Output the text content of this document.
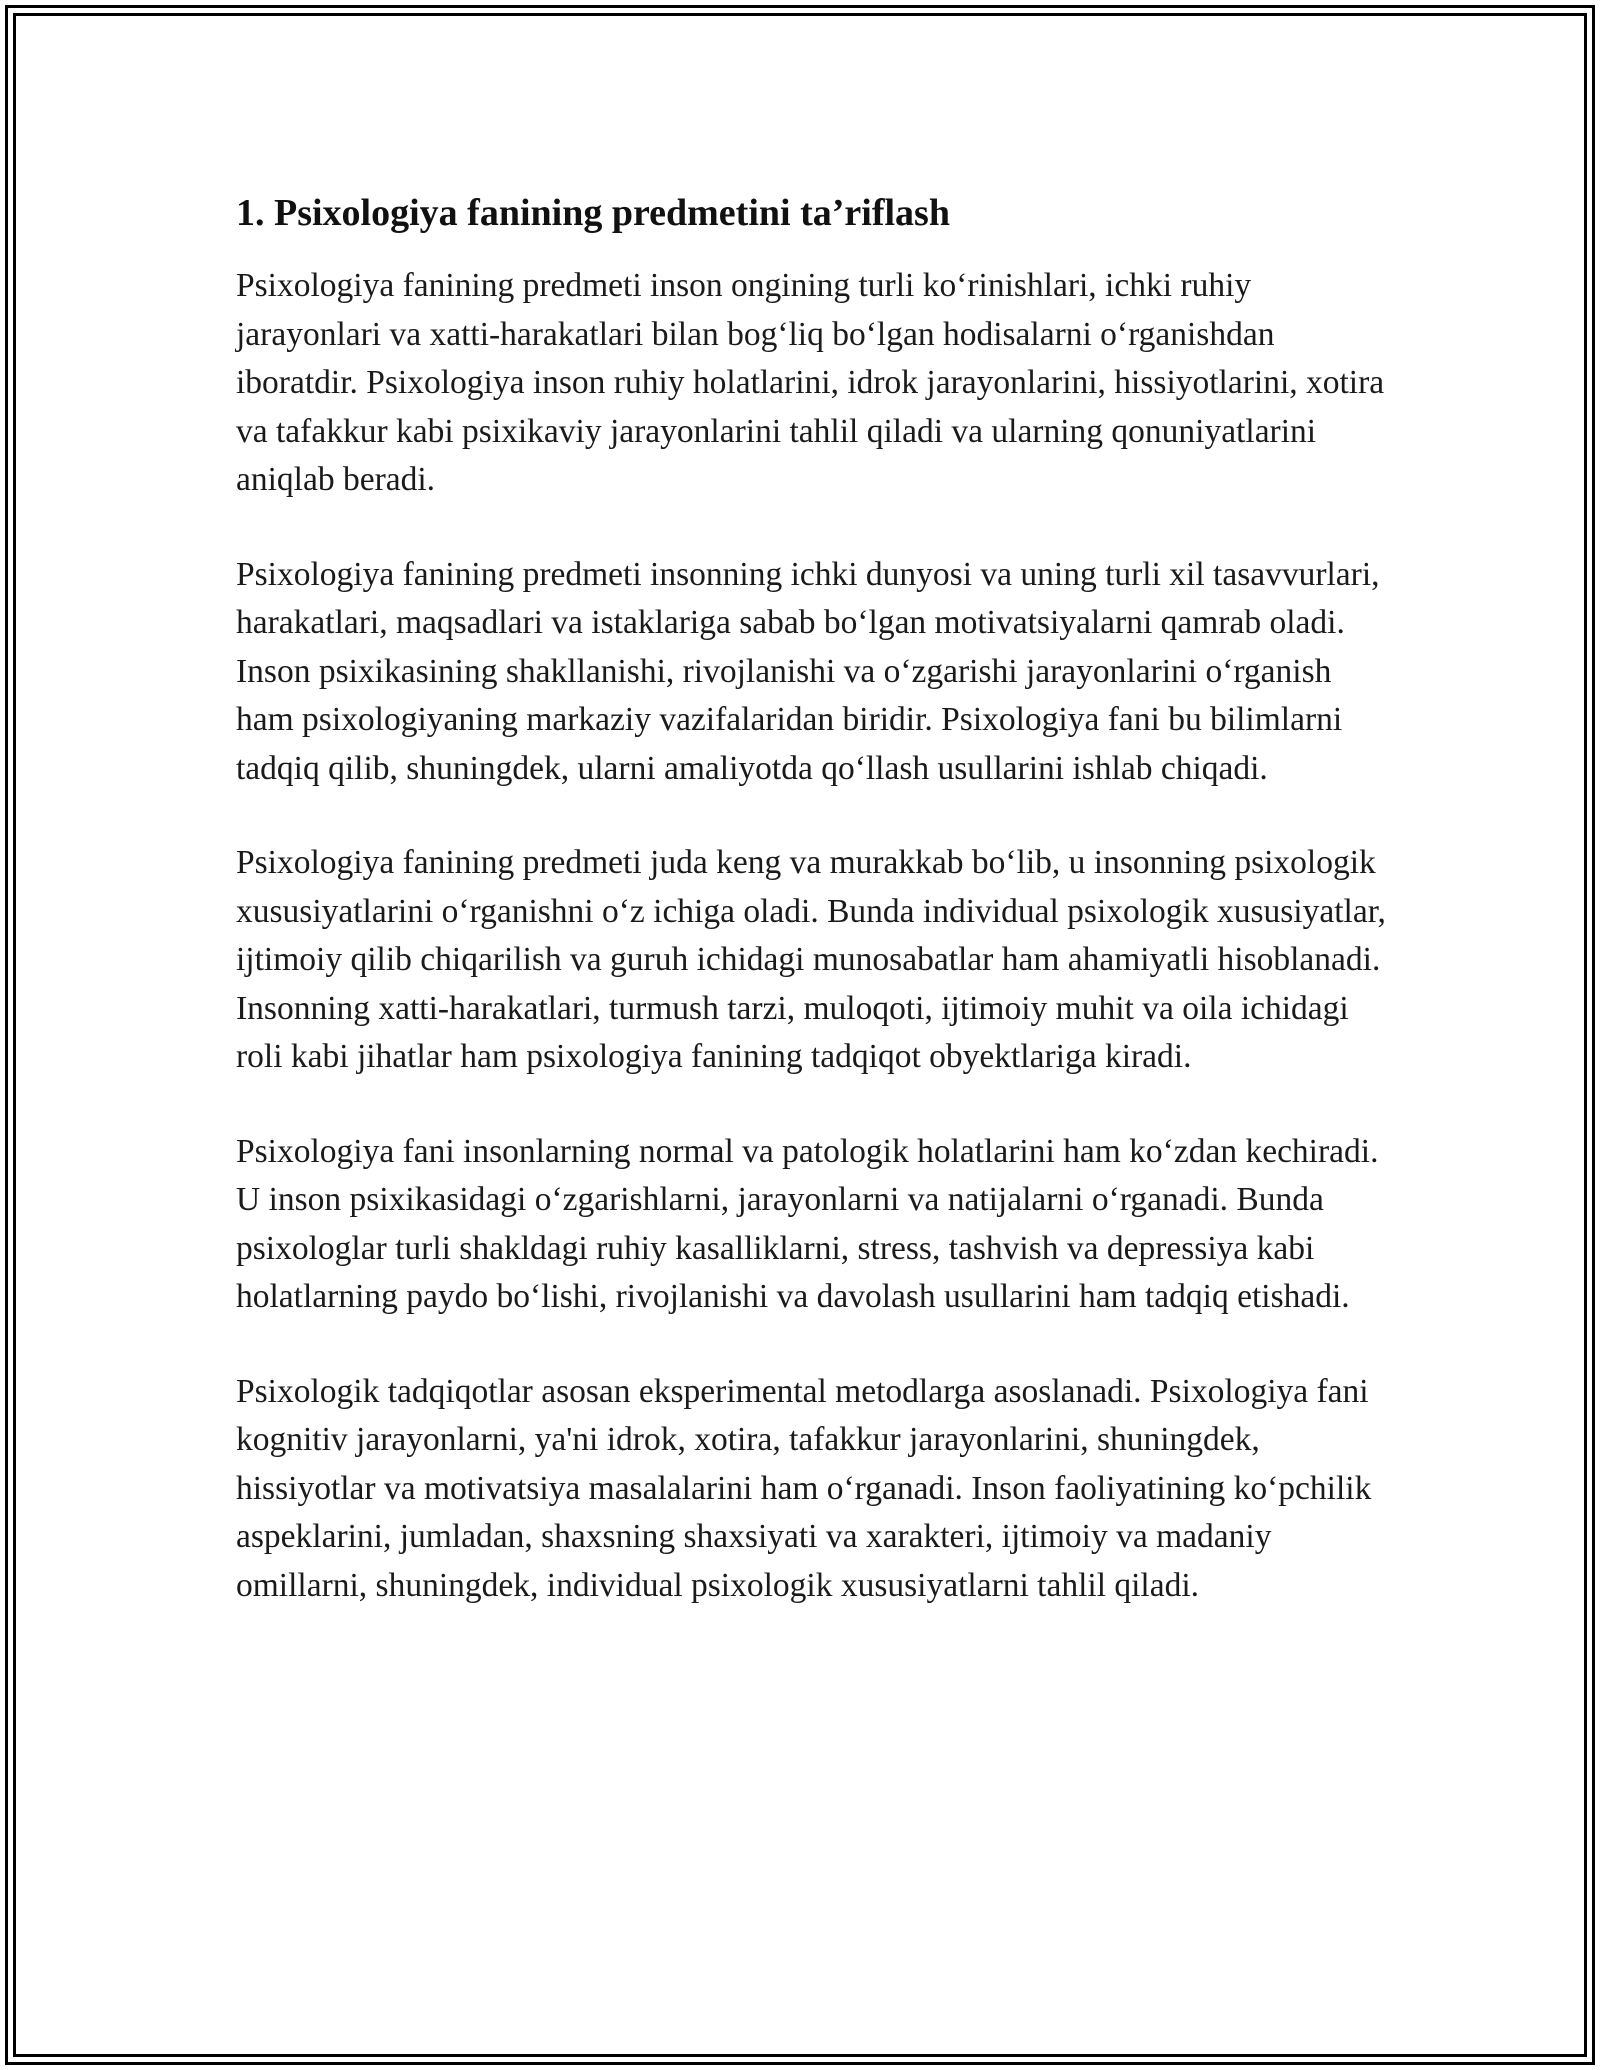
1. Psixologiya fanining predmetini ta’riflash

Psixologiya fanining predmeti inson ongining turli ko‘rinishlari, ichki ruhiy jarayonlari va xatti-harakatlari bilan bog‘liq bo‘lgan hodisalarni o‘rganishdan iboratdir. Psixologiya inson ruhiy holatlarini, idrok jarayonlarini, hissiyotlarini, xotira va tafakkur kabi psixikaviy jarayonlarini tahlil qiladi va ularning qonuniyatlarini aniqlab beradi.

Psixologiya fanining predmeti insonning ichki dunyosi va uning turli xil tasavvurlari, harakatlari, maqsadlari va istaklariga sabab bo‘lgan motivatsiyalarni qamrab oladi. Inson psixikasining shakllanishi, rivojlanishi va o‘zgarishi jarayonlarini o‘rganish ham psixologiyaning markaziy vazifalaridan biridir. Psixologiya fani bu bilimlarni tadqiq qilib, shuningdek, ularni amaliyotda qo‘llash usullarini ishlab chiqadi.

Psixologiya fanining predmeti juda keng va murakkab bo‘lib, u insonning psixologik xususiyatlarini o‘rganishni o‘z ichiga oladi. Bunda individual psixologik xususiyatlar, ijtimoiy qilib chiqarilish va guruh ichidagi munosabatlar ham ahamiyatli hisoblanadi. Insonning xatti-harakatlari, turmush tarzi, muloqoti, ijtimoiy muhit va oila ichidagi roli kabi jihatlar ham psixologiya fanining tadqiqot obyektlariga kiradi.

Psixologiya fani insonlarning normal va patologik holatlarini ham ko‘zdan kechiradi. U inson psixikasidagi o‘zgarishlarni, jarayonlarni va natijalarni o‘rganadi. Bunda psixologlar turli shakldagi ruhiy kasalliklarni, stress, tashvish va depressiya kabi holatlarning paydo bo‘lishi, rivojlanishi va davolash usullarini ham tadqiq etishadi.

Psixologik tadqiqotlar asosan eksperimental metodlarga asoslanadi. Psixologiya fani kognitiv jarayonlarni, ya'ni idrok, xotira, tafakkur jarayonlarini, shuningdek, hissiyotlar va motivatsiya masalalarini ham o‘rganadi. Inson faoliyatining ko‘pchilik aspeklarini, jumladan, shaxsning shaxsiyati va xarakteri, ijtimoiy va madaniy omillarni, shuningdek, individual psixologik xususiyatlarni tahlil qiladi.
